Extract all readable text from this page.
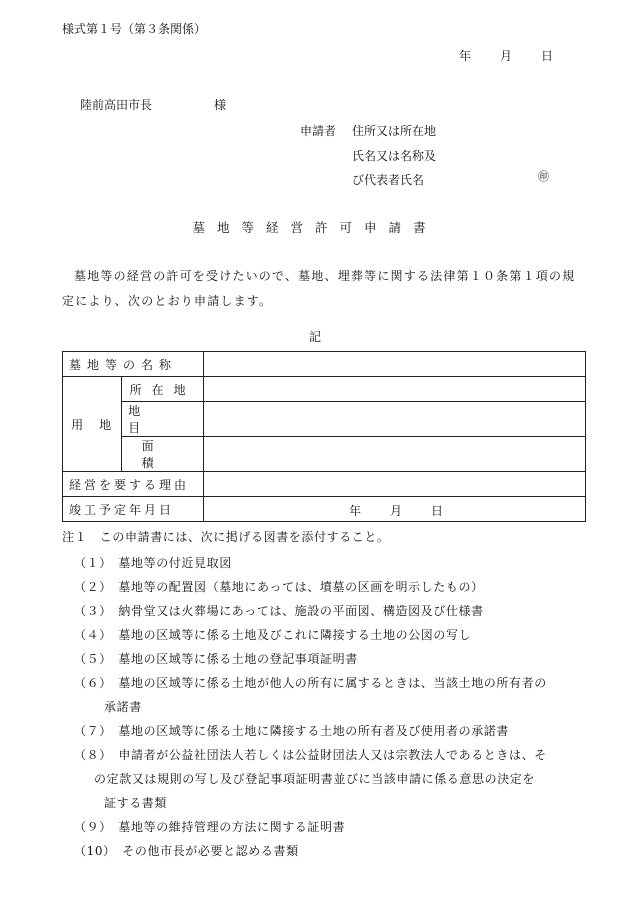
様式第１号（第３条関係）
年 月 日
陸前高田市長	様
申請者 住所又は所在地
氏名又は名称及
び代表者氏名	㊞
墓地等経営許可申請書
墓地等の経営の許可を受けたいので、墓地、埋葬等に関する法律第１０条第１項の規定により、次のとおり申請します。
記
墓地等の名称		
用　地	所在地	
	地目	
	面積	
経営を要する理由		
竣工予定年月日		年 月 日
注１　この申請書には、次に掲げる図書を添付すること。
（１）　墓地等の付近見取図
（２）　墓地等の配置図（墓地にあっては、墳墓の区画を明示したもの）
（３）　納骨堂又は火葬場にあっては、施設の平面図、構造図及び仕様書
（４）　墓地の区域等に係る土地及びこれに隣接する土地の公図の写し
（５）　墓地の区域等に係る土地の登記事項証明書
（６）　墓地の区域等に係る土地が他人の所有に属するときは、当該土地の所有者の
承諾書
（７）　墓地の区域等に係る土地に隣接する土地の所有者及び使用者の承諾書
（８）　申請者が公益社団法人若しくは公益財団法人又は宗教法人であるときは、そ
の定款又は規則の写し及び登記事項証明書並びに当該申請に係る意思の決定を
証する書類
（９）　墓地等の維持管理の方法に関する証明書
（10）　その他市長が必要と認める書類
